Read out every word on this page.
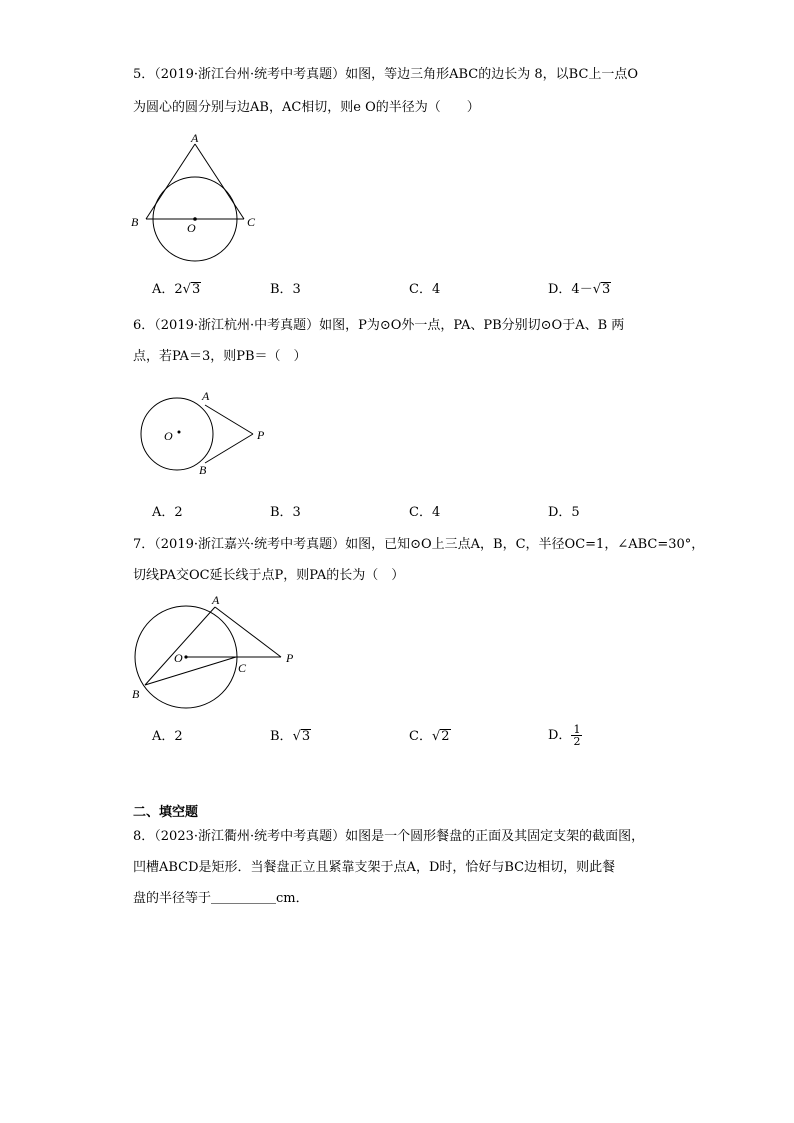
5．（2019·浙江台州·统考中考真题）如图，等边三角形ABC的边长为 8，以BC上一点O
为圆心的圆分别与边AB，AC相切，则e O的半径为（　　）
A
B	C
O
A．2√3	B．3	C．4	D．4－√3
6．（2019·浙江杭州·中考真题）如图，P为⊙O外一点，PA、PB分别切⊙O于A、B 两
点，若PA＝3，则PB＝（　）
A
B
O	P
A．2	B．3	C．4	D．5
7．（2019·浙江嘉兴·统考中考真题）如图，已知⊙O上三点A，B，C，半径OC=1，∠ABC=30°，
切线PA交OC延长线于点P，则PA的长为（　）
A
B
C
O	P
A．2	B．√3	C．√2	D． $\frac{1}{2}$
二、填空题
8．（2023·浙江衢州·统考中考真题）如图是一个圆形餐盘的正面及其固定支架的截面图，
凹槽ABCD是矩形．当餐盘正立且紧靠支架于点A，D时，恰好与BC边相切，则此餐
盘的半径等于＿＿＿＿＿cm．
